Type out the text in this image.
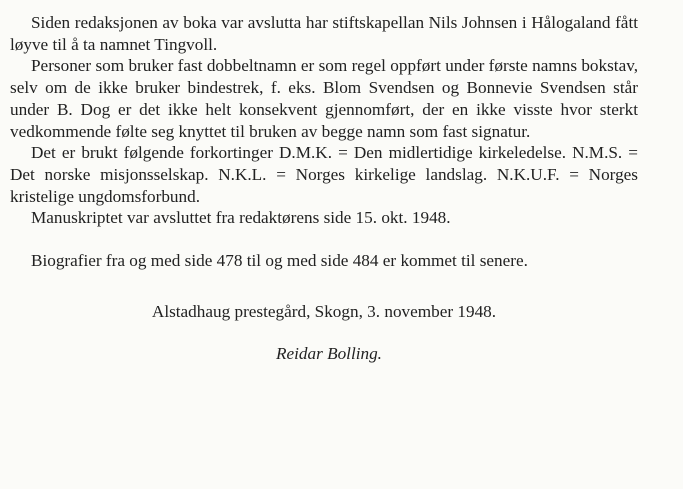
Siden redaksjonen av boka var avslutta har stiftskapellan Nils Johnsen i Hålogaland fått løyve til å ta namnet Tingvoll.

Personer som bruker fast dobbeltnamn er som regel oppført under første namns bokstav, selv om de ikke bruker bindestrek, f. eks. Blom Svendsen og Bonnevie Svendsen står under B. Dog er det ikke helt konsekvent gjennomført, der en ikke visste hvor sterkt vedkommende følte seg knyttet til bruken av begge namn som fast signatur.

Det er brukt følgende forkortinger D.M.K. = Den midlertidige kirkeledelse. N.M.S. = Det norske misjonsselskap. N.K.L. = Norges kirkelige landslag. N.K.U.F. = Norges kristelige ungdomsforbund.

Manuskriptet var avsluttet fra redaktørens side 15. okt. 1948.

Biografier fra og med side 478 til og med side 484 er kommet til senere.

Alstadhaug prestegård, Skogn, 3. november 1948.

Reidar Bolling.
